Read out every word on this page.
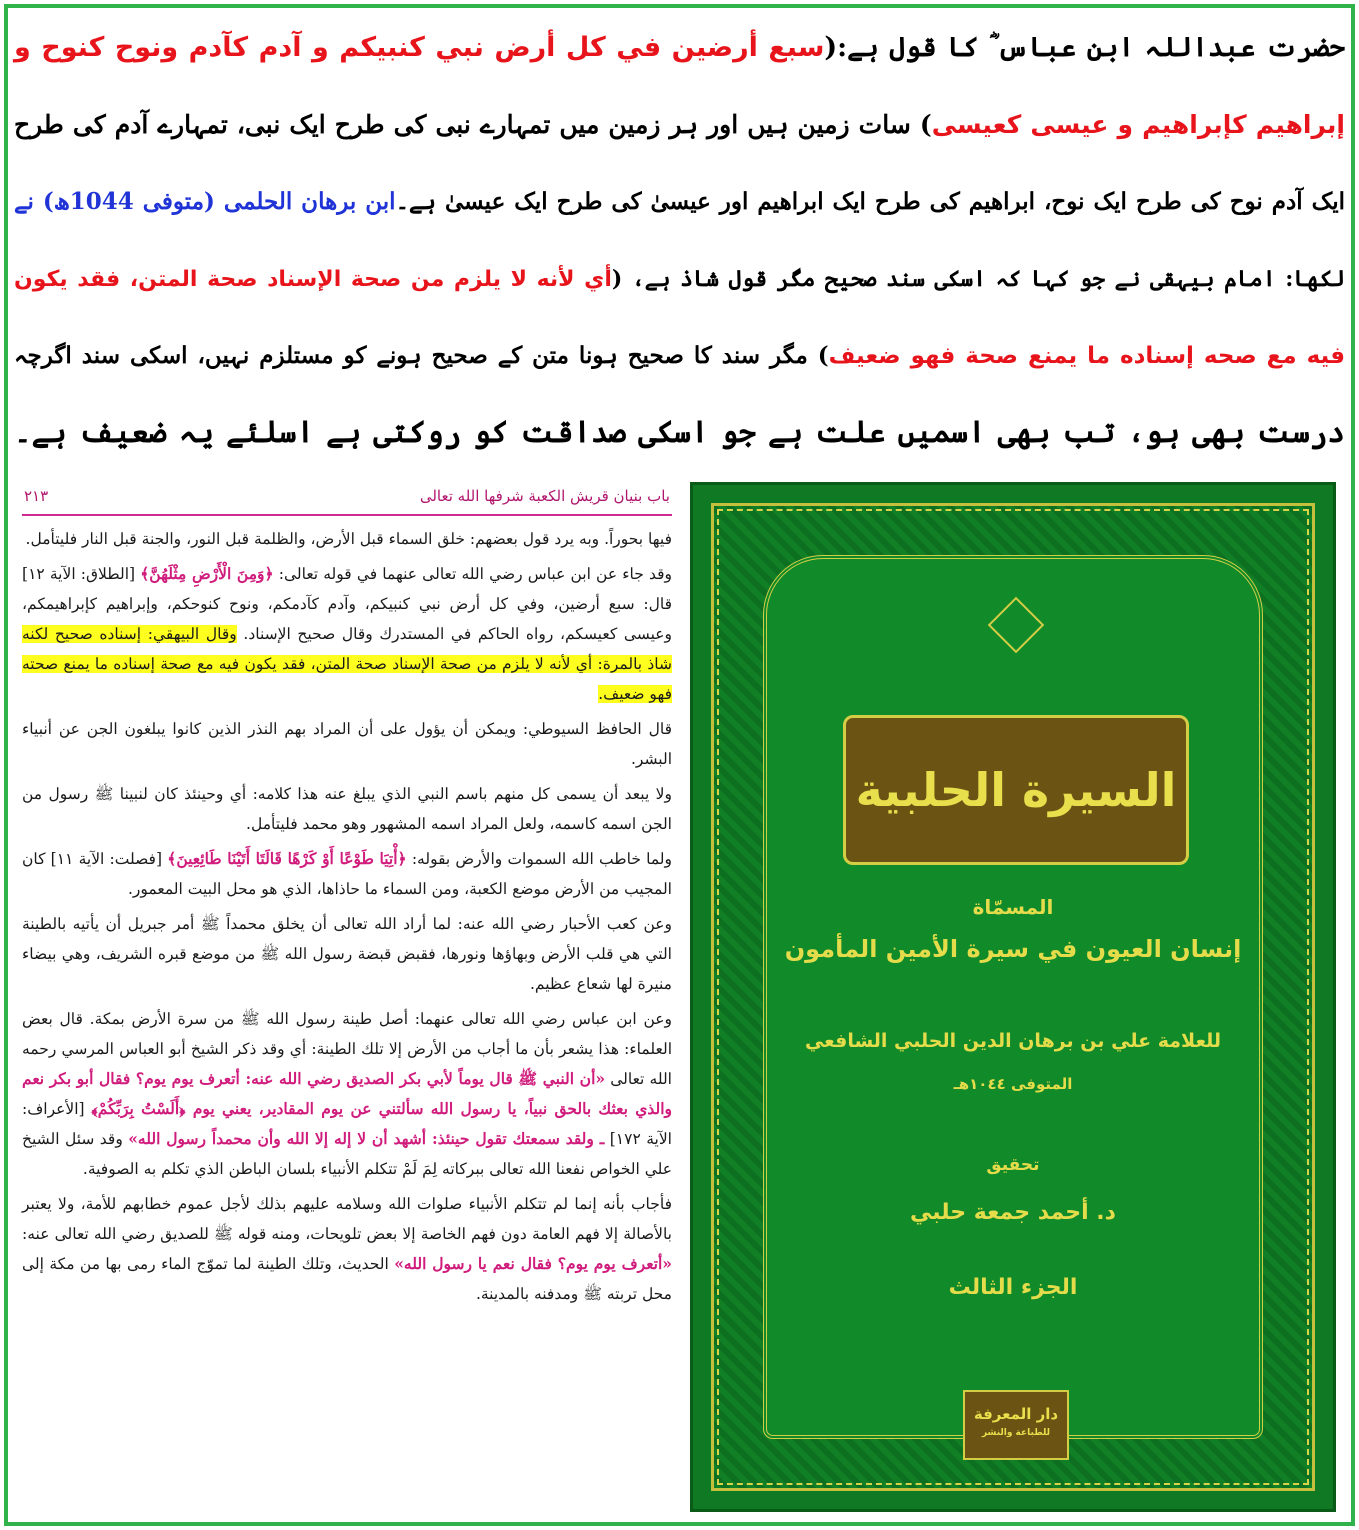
حضرت عبداللہ ابن عباس ؓ کا قول ہے:(سبع أرضين في كل أرض نبي كنبيكم و آدم كآدم ونوح كنوح و
إبراهيم كإبراهيم و عيسى كعيسى) سات زمین ہیں اور ہر زمین میں تمہارے نبی کی طرح ایک نبی، تمہارے آدم کی طرح
ایک آدم نوح کی طرح ایک نوح، ابراھیم کی طرح ایک ابراھیم اور عیسیٰ کی طرح ایک عیسیٰ ہے۔ابن برھان الحلمی (متوفی 1044ھ) نے
لکھا: امام بیہقی نے جو کہا کہ اسکی سند صحیح مگر قول شاذ ہے، (أي لأنه لا يلزم من صحة الإسناد صحة المتن، فقد يكون
فيه مع صحه إسناده ما يمنع صحة فهو ضعيف) مگر سند کا صحیح ہونا متن کے صحیح ہونے کو مستلزم نہیں، اسکی سند اگرچہ
درست بھی ہو، تب بھی اسمیں علت ہے جو اسکی صداقت کو روکتی ہے اسلئے یہ ضعیف ہے۔
باب بنيان قريش الكعبة شرفها الله تعالى
٢١٣

فيها بحوراً. وبه يرد قول بعضهم: خلق السماء قبل الأرض، والظلمة قبل النور، والجنة قبل النار فليتأمل.

وقد جاء عن ابن عباس رضي الله تعالى عنهما في قوله تعالى: ﴿وَمِنَ الْأَرْضِ مِثْلَهُنَّ﴾ [الطلاق: الآية ١٢] قال: سبع أرضين، وفي كل أرض نبي كنبيكم، وآدم كآدمكم، ونوح كنوحكم، وإبراهيم كإبراهيمكم، وعيسى كعيسكم، رواه الحاكم في المستدرك وقال صحيح الإسناد. وقال البيهقي: إسناده صحيح لكنه شاذ بالمرة: أي لأنه لا يلزم من صحة الإسناد صحة المتن، فقد يكون فيه مع صحة إسناده ما يمنع صحته فهو ضعيف.

قال الحافظ السيوطي: ويمكن أن يؤول على أن المراد بهم النذر الذين كانوا يبلغون الجن عن أنبياء البشر.

ولا يبعد أن يسمى كل منهم باسم النبي الذي يبلغ عنه هذا كلامه: أي وحينئذ كان لنبينا ﷺ رسول من الجن اسمه كاسمه، ولعل المراد اسمه المشهور وهو محمد فليتأمل.

ولما خاطب الله السموات والأرض بقوله: ﴿أْتِيَا طَوْعًا أَوْ كَرْهًا قَالَتَا أَتَيْنَا طَائِعِينَ﴾ [فصلت: الآية ١١] كان المجيب من الأرض موضع الكعبة، ومن السماء ما حاذاها، الذي هو محل البيت المعمور.

وعن كعب الأحبار رضي الله عنه: لما أراد الله تعالى أن يخلق محمداً ﷺ أمر جبريل أن يأتيه بالطينة التي هي قلب الأرض وبهاؤها ونورها، فقبض قبضة رسول الله ﷺ من موضع قبره الشريف، وهي بيضاء منيرة لها شعاع عظيم.

وعن ابن عباس رضي الله تعالى عنهما: أصل طينة رسول الله ﷺ من سرة الأرض بمكة. قال بعض العلماء: هذا يشعر بأن ما أجاب من الأرض إلا تلك الطينة: أي وقد ذكر الشيخ أبو العباس المرسي رحمه الله تعالى «أن النبي ﷺ قال يوماً لأبي بكر الصديق رضي الله عنه: أتعرف يوم يوم؟ فقال أبو بكر نعم والذي بعثك بالحق نبياً، يا رسول الله سألتني عن يوم المقادير، يعني يوم ﴿أَلَسْتُ بِرَبِّكُمْ﴾ [الأعراف: الآية ١٧٢] ـ ولقد سمعتك تقول حينئذ: أشهد أن لا إله إلا الله وأن محمداً رسول الله» وقد سئل الشيخ علي الخواص نفعنا الله تعالى ببركاته لِمَ لَمْ تتكلم الأنبياء بلسان الباطن الذي تكلم به الصوفية.

فأجاب بأنه إنما لم تتكلم الأنبياء صلوات الله وسلامه عليهم بذلك لأجل عموم خطابهم للأمة، ولا يعتبر بالأصالة إلا فهم العامة دون فهم الخاصة إلا بعض تلويحات، ومنه قوله ﷺ للصديق رضي الله تعالى عنه: «أتعرف يوم يوم؟ فقال نعم يا رسول الله» الحديث، وتلك الطينة لما تموّج الماء رمى بها من مكة إلى محل تربته ﷺ ومدفنه بالمدينة.

السيرة الحلبية
المسمّاة
إنسان العيون في سيرة الأمين المأمون
للعلامة علي بن برهان الدين الحلبي الشافعي
المتوفى ١٠٤٤هـ
تحقيق
د. أحمد جمعة حلبي
الجزء الثالث
دار المعرفة
للطباعة والنشر
